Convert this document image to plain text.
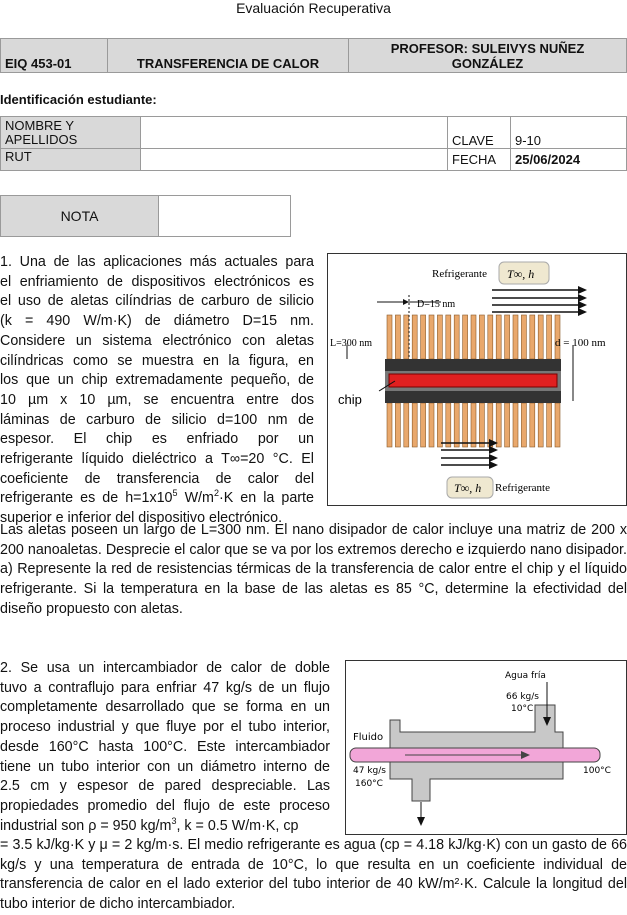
Evaluación Recuperativa
EIQ 453-01	TRANSFERENCIA DE CALOR	
PROFESOR: SULEIVYS NUÑEZ
GONZÁLEZ
Identificación estudiante:
NOMBRE Y
APELLIDOS		CLAVE	9-10
RUT		FECHA	25/06/2024
NOTA	
1. Una de las aplicaciones más actuales para
el enfriamiento de dispositivos electrónicos es
el uso de aletas cilíndrias de carburo de silicio
(k = 490 W/m·K) de diámetro D=15 nm.
Considere un sistema electrónico con aletas
cilíndricas como se muestra en la figura, en
los que un chip extremadamente pequeño, de
10 µm x 10 µm, se encuentra entre dos
láminas de carburo de silicio d=100 nm de
espesor. El chip es enfriado por un
refrigerante líquido dieléctrico a T∞=20 °C. El
coeficiente de transferencia de calor del
refrigerante es de $h=1x10^5$ $W/m^2\cdot K$ en la parte
superior e inferior del dispositivo electrónico.
Las aletas poseen un largo de L=300 nm. El nano disipador de calor incluye una matriz de 200 x 200 nanoaletas. Desprecie el calor que se va por los extremos derecho e izquierdo nano disipador. a) Represente la red de resistencias térmicas de la transferencia de calor entre el chip y el líquido refrigerante. Si la temperatura en la base de las aletas es 85 °C, determine la efectividad del diseño propuesto con aletas.
Refrigerante T∞, h
D=15 nm
L=300 nm	d = 100 nm
chip
T∞, h Refrigerante
2. Se usa un intercambiador de calor de doble
tuvo a contraflujo para enfriar 47 kg/s de un flujo
completamente desarrollado que se forma en un
proceso industrial y que fluye por el tubo interior,
desde 160°C hasta 100°C. Este intercambiador
tiene un tubo interior con un diámetro interno de
2.5 cm y espesor de pared despreciable. Las
propiedades promedio del flujo de este proceso
industrial son ρ = 950 $kg/m^3$, k = 0.5 W/m·K, cp
= 3.5 kJ/kg·K y μ = 2 kg/m·s. El medio refrigerante es agua (cp = 4.18 kJ/kg·K) con un gasto de 66 kg/s y una temperatura de entrada de 10°C, lo que resulta en un coeficiente individual de transferencia de calor en el lado exterior del tubo interior de 40 kW/m²·K. Calcule la longitud del tubo interior de dicho intercambiador.
Agua fría
66 kg/s
10°C
Fluido
47 kg/s
160°C
100°C
